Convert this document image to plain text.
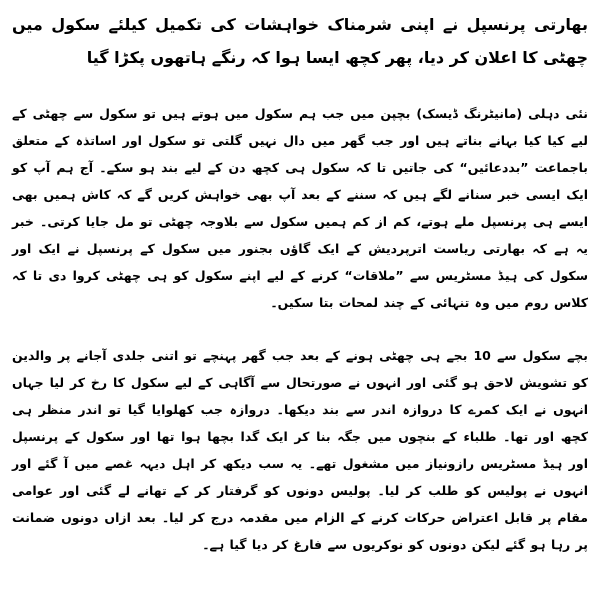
بھارتی پرنسپل نے اپنی شرمناک خواہشات کی تکمیل کیلئے سکول میں چھٹی کا اعلان کر دیا، پھر کچھ ایسا ہوا کہ رنگے ہاتھوں پکڑا گیا

نئی دہلی (مانیٹرنگ ڈیسک) بچپن میں جب ہم سکول میں ہوتے ہیں تو سکول سے چھٹی کے لیے کیا کیا بہانے بناتے ہیں اور جب گھر میں دال نہیں گلتی تو سکول اور اساتذہ کے متعلق باجماعت ”بددعائیں“ کی جاتیں تا کہ سکول ہی کچھ دن کے لیے بند ہو سکے۔ آج ہم آپ کو ایک ایسی خبر سنانے لگے ہیں کہ سننے کے بعد آپ بھی خواہش کریں گے کہ کاش ہمیں بھی ایسے ہی پرنسپل ملے ہوتے، کم از کم ہمیں سکول سے بلاوجہ چھٹی تو مل جایا کرتی۔ خبر یہ ہے کہ بھارتی ریاست اترپردیش کے ایک گاؤں بجنور میں سکول کے پرنسپل نے ایک اور سکول کی ہیڈ مسٹریس سے ”ملاقات“ کرنے کے لیے اپنے سکول کو ہی چھٹی کروا دی تا کہ کلاس روم میں وہ تنہائی کے چند لمحات بتا سکیں۔

بچے سکول سے 10 بجے ہی چھٹی ہونے کے بعد جب گھر پہنچے تو اتنی جلدی آجانے پر والدین کو تشویش لاحق ہو گئی اور انہوں نے صورتحال سے آگاہی کے لیے سکول کا رخ کر لیا جہاں انہوں نے ایک کمرے کا دروازہ اندر سے بند دیکھا۔ دروازہ جب کھلوایا گیا تو اندر منظر ہی کچھ اور تھا۔ طلباء کے بنچوں میں جگہ بنا کر ایک گدا بچھا ہوا تھا اور سکول کے پرنسپل اور ہیڈ مسٹریس رازونیاز میں مشغول تھے۔ یہ سب دیکھ کر اہل دیہہ غصے میں آ گئے اور انہوں نے پولیس کو طلب کر لیا۔ پولیس دونوں کو گرفتار کر کے تھانے لے گئی اور عوامی مقام پر قابل اعتراض حرکات کرنے کے الزام میں مقدمہ درج کر لیا۔ بعد ازاں دونوں ضمانت پر رہا ہو گئے لیکن دونوں کو نوکریوں سے فارغ کر دیا گیا ہے۔
